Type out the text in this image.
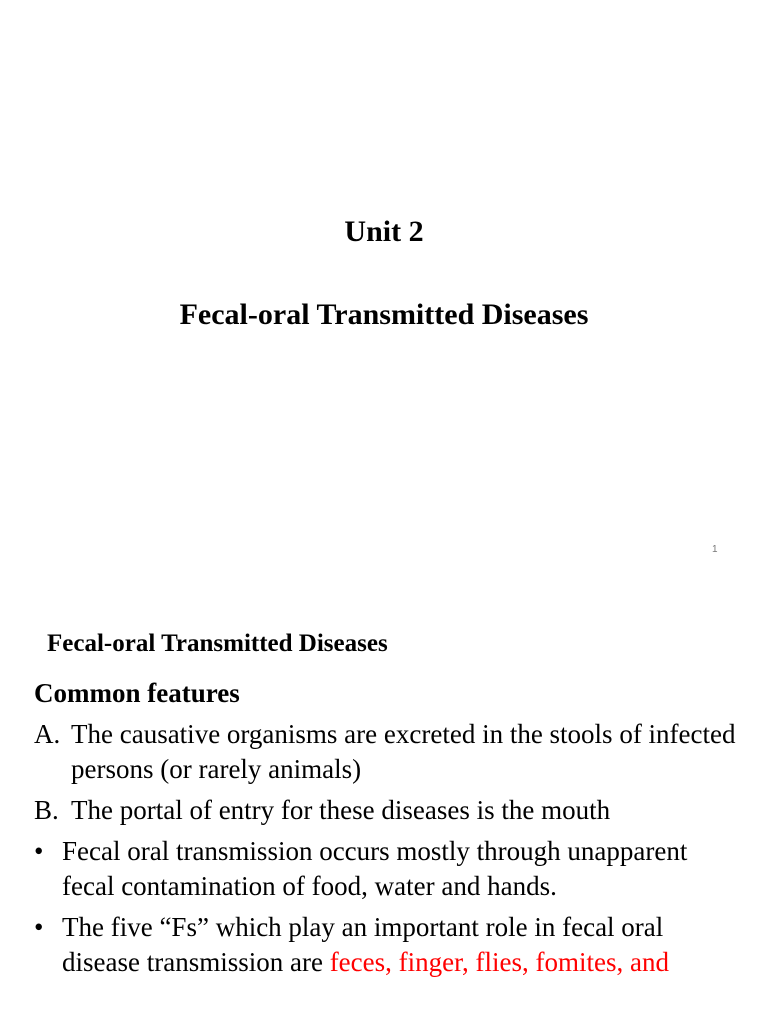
Unit 2
Fecal-oral Transmitted Diseases
1
Fecal-oral Transmitted Diseases
Common features
A. The causative organisms are excreted in the stools of infected persons (or rarely animals)
B. The portal of entry for these diseases is the mouth
• Fecal oral transmission occurs mostly through unapparent fecal contamination of food, water and hands.
• The five “Fs” which play an important role in fecal oral disease transmission are feces, finger, flies, fomites, and
